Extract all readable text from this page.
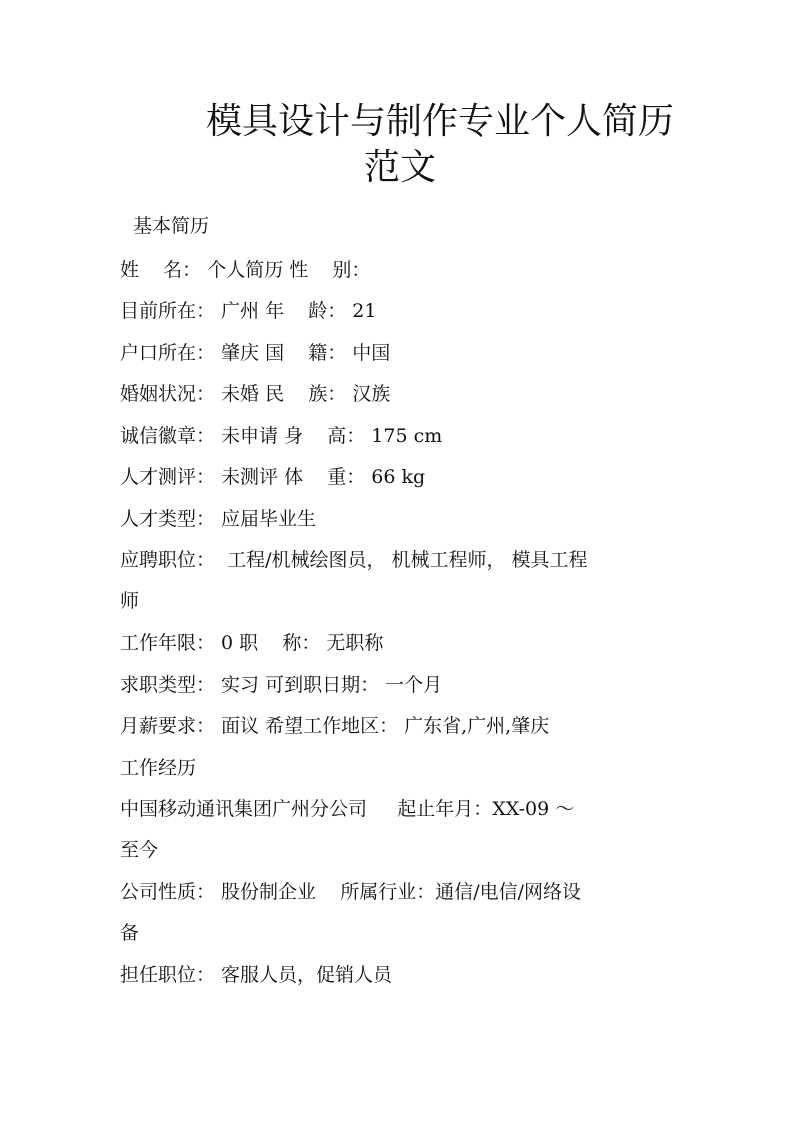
模具设计与制作专业个人简历
范文
基本简历
姓    名： 个人简历 性    别：
目前所在： 广州 年    龄： 21
户口所在： 肇庆 国    籍： 中国
婚姻状况： 未婚 民    族： 汉族
诚信徽章： 未申请 身    高： 175 cm
人才测评： 未测评 体    重： 66 kg
人才类型： 应届毕业生
应聘职位：  工程/机械绘图员， 机械工程师， 模具工程
师
工作年限： 0 职    称： 无职称
求职类型： 实习 可到职日期： 一个月
月薪要求： 面议 希望工作地区： 广东省,广州,肇庆
工作经历
中国移动通讯集团广州分公司     起止年月：XX-09 ～
至今
公司性质： 股份制企业    所属行业：通信/电信/网络设
备
担任职位： 客服人员，促销人员
